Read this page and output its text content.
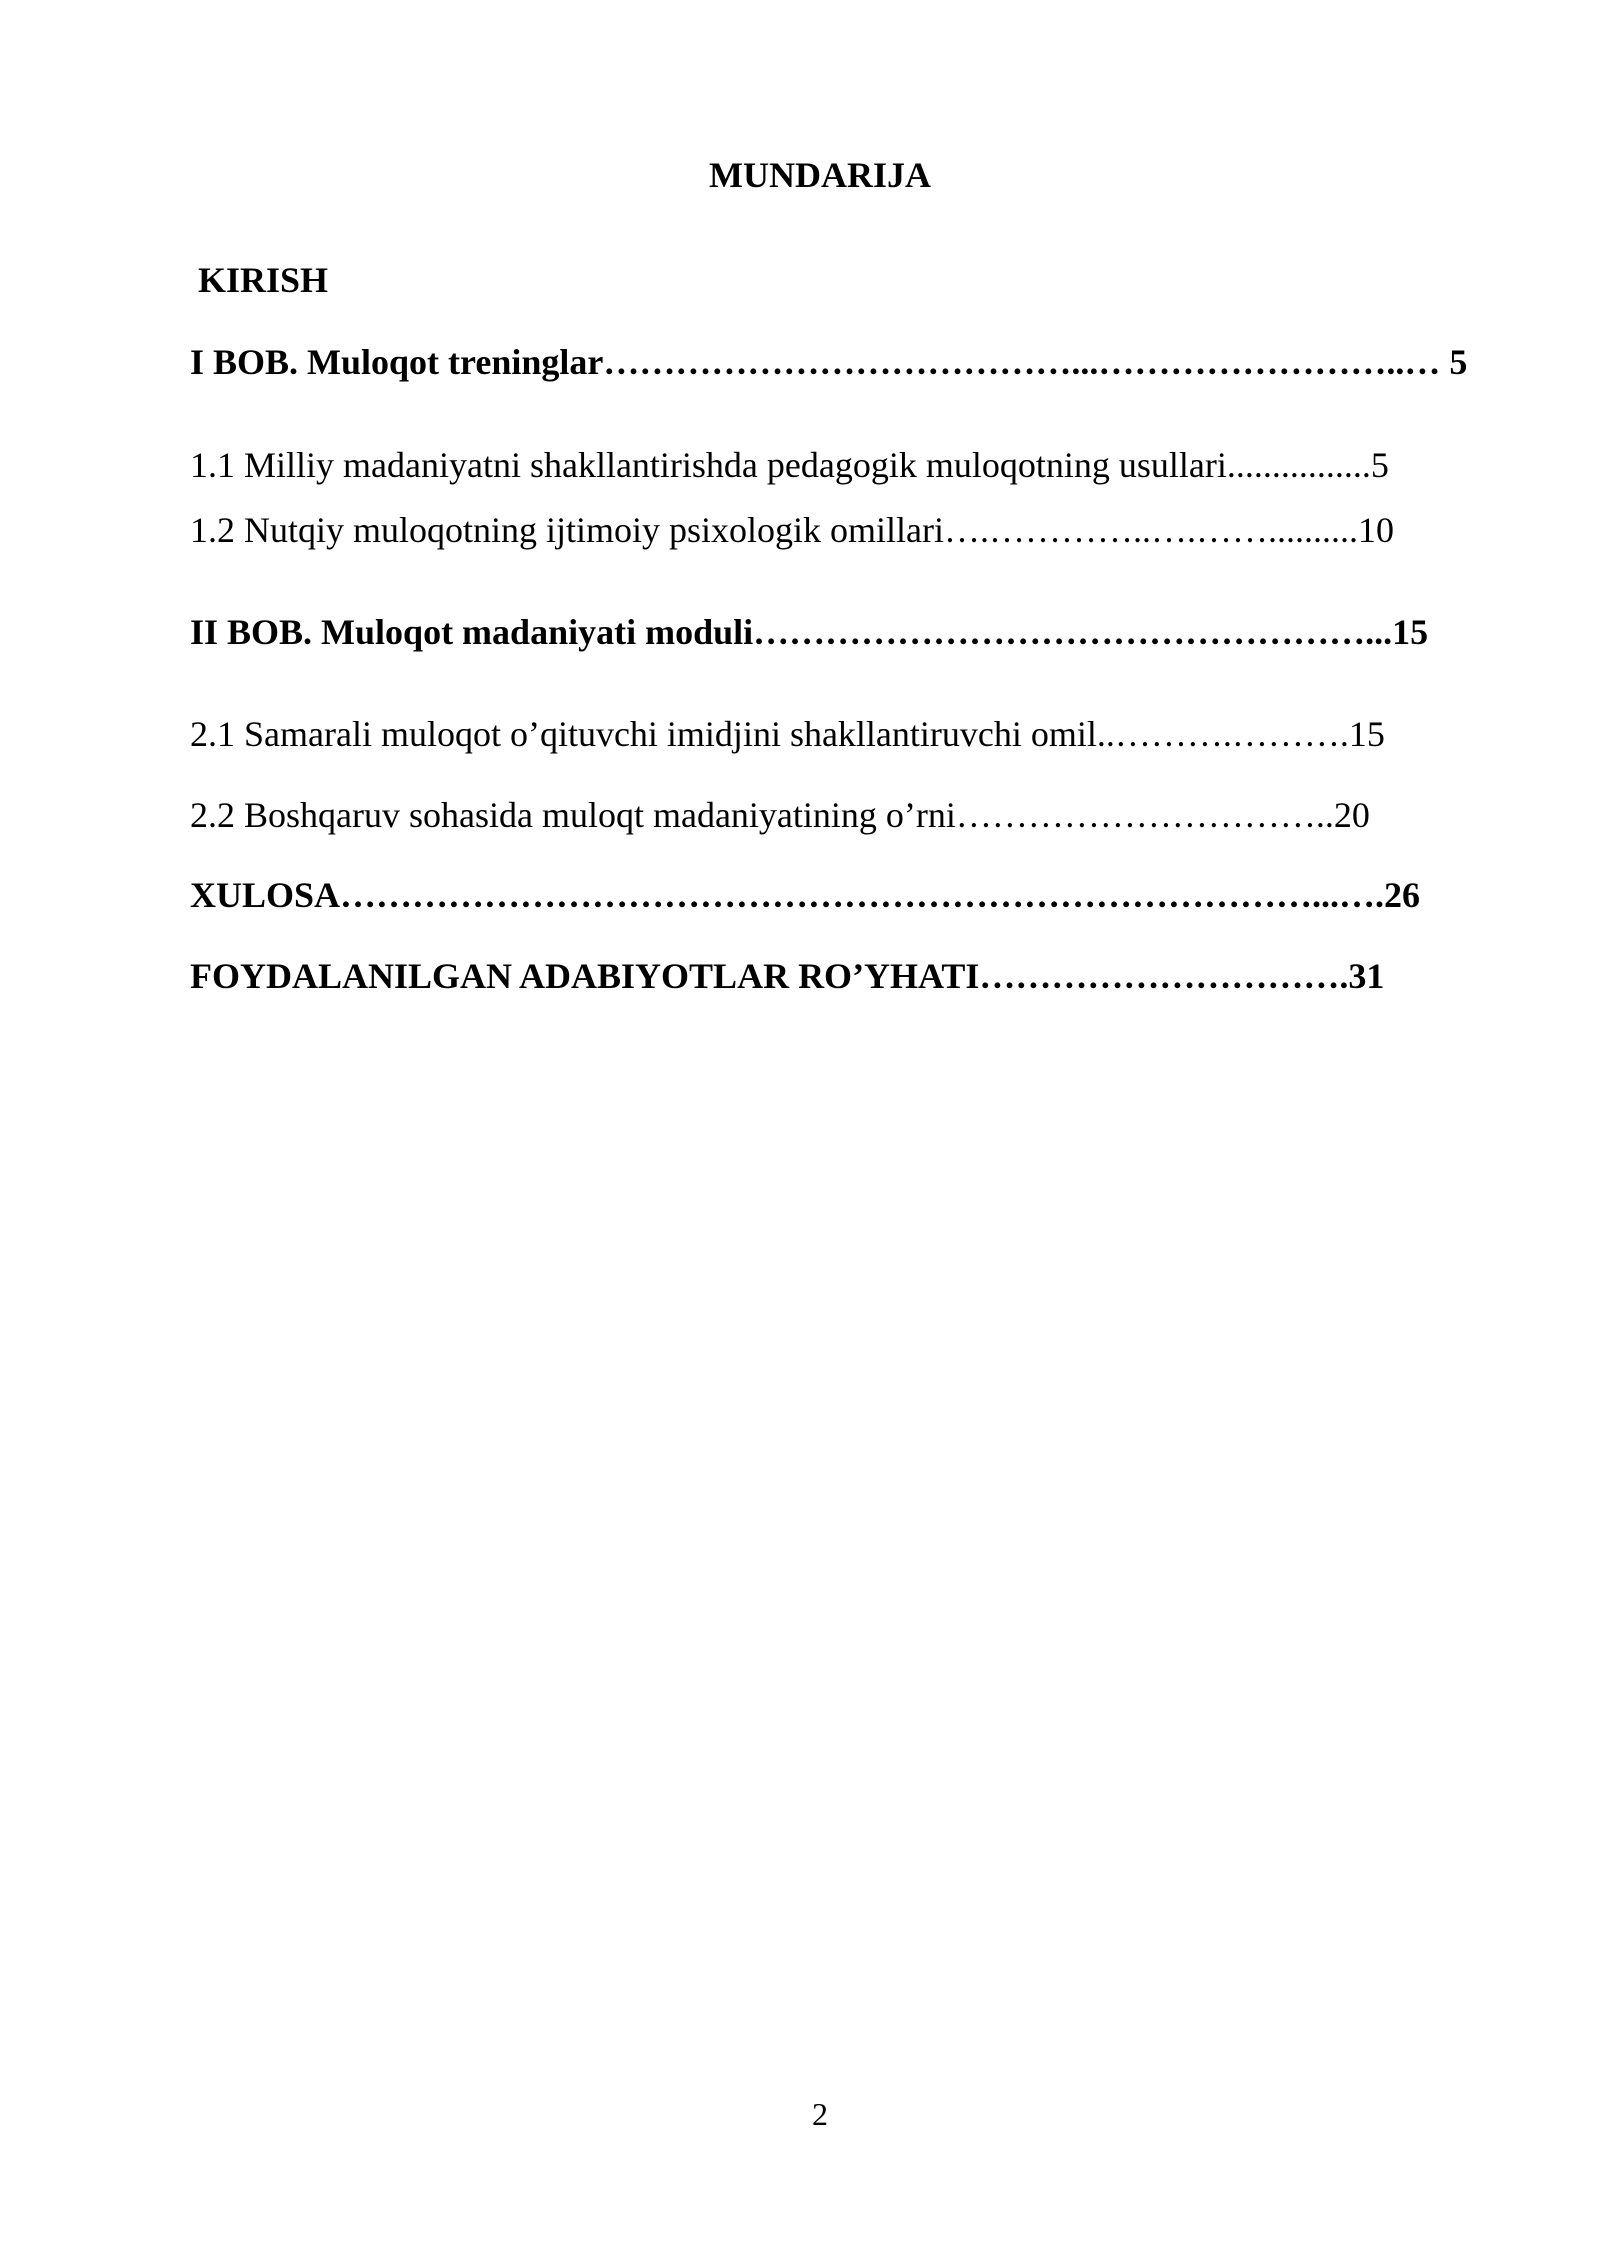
MUNDARIJA
KIRISH
I BOB. Muloqot treninglar…………………………………...……………………..… 5
1.1 Milliy madaniyatni shakllantirishda pedagogik muloqotning usullari................5
1.2 Nutqiy muloqotning ijtimoiy psixologik omillari….…………..….……..........10
II BOB. Muloqot madaniyati moduli……………………………………………...15
2.1 Samarali muloqot o’qituvchi imidjini shakllantiruvchi omil..……….……….15
2.2 Boshqaruv sohasida muloqt madaniyatining o’rni…………………………..20
XULOSA………………………………………………………………………...….26
FOYDALANILGAN ADABIYOTLAR RO’YHATI………………………….31
2
